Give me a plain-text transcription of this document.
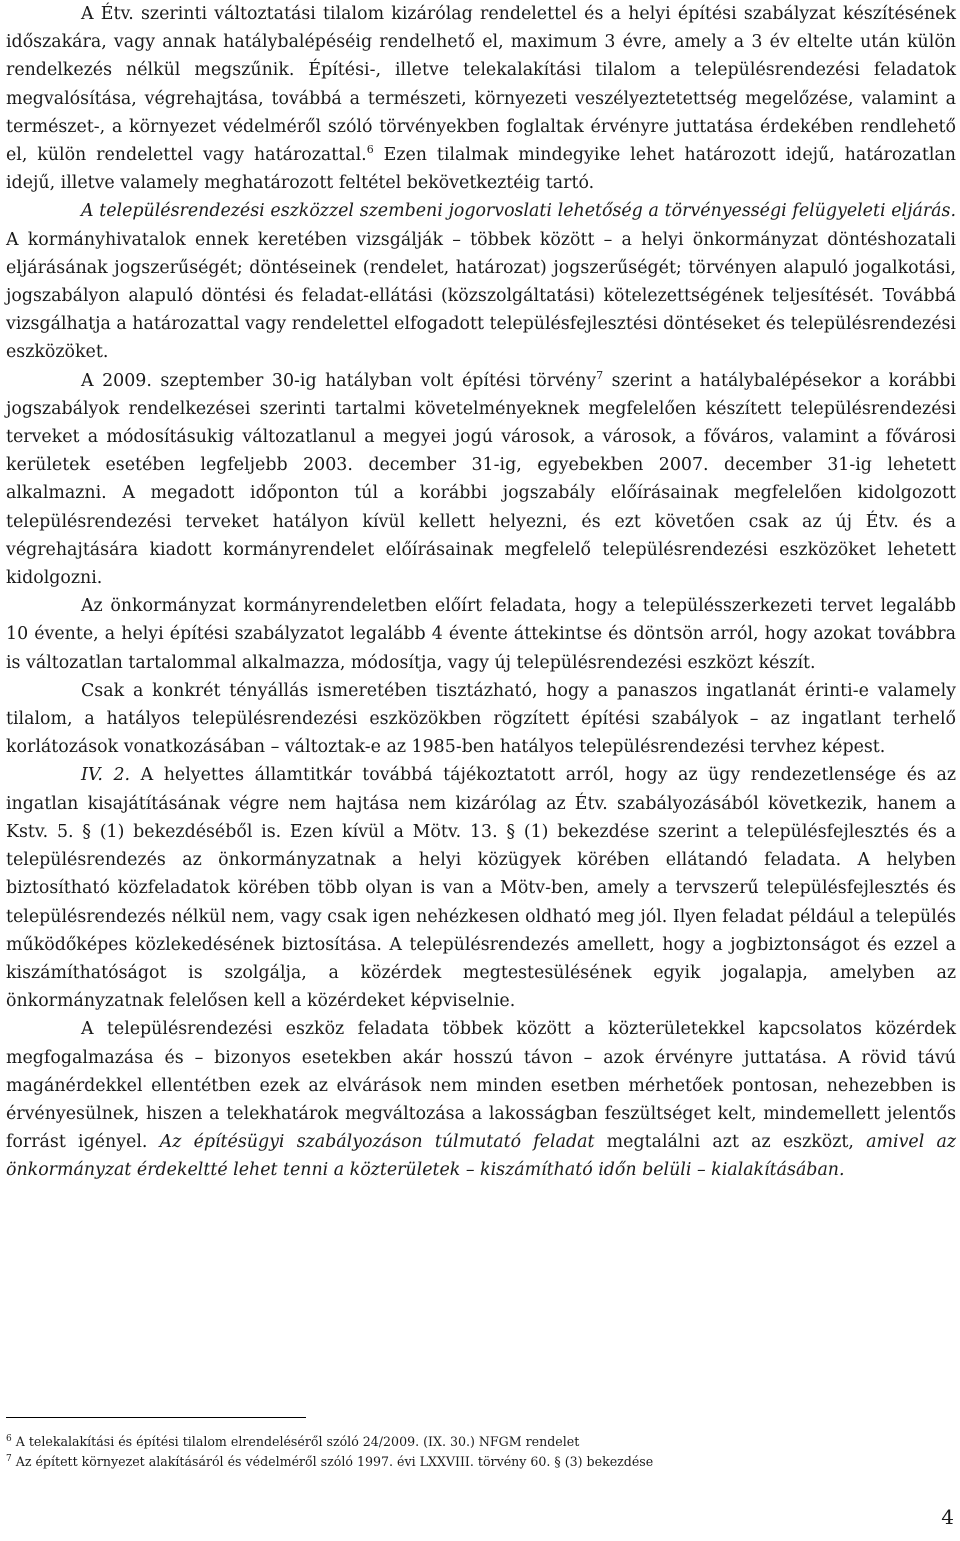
A Étv. szerinti változtatási tilalom kizárólag rendelettel és a helyi építési szabályzat készítésének időszakára, vagy annak hatálybalépéséig rendelhető el, maximum 3 évre, amely a 3 év elteltе után külön rendelkezés nélkül megszűnik. Építési-, illetve telekalakítási tilalom a településrendezési feladatok megvalósítása, végrehajtása, továbbá a természeti, környezeti veszélyeztetettség megelőzése, valamint a természet-, a környezet védelméről szóló törvényekben foglaltak érvényre juttatása érdekében rendlehető el, külön rendelettel vagy határozattal.$^6$ Ezen tilalmak mindegyike lehet határozott idejű, határozatlan idejű, illetve valamely meghatározott feltétel bekövetkeztéig tartó.

A településrendezési eszközzel szembeni jogorvoslati lehetőség a törvényességi felügyeleti eljárás. A kormányhivatalok ennek keretében vizsgálják – többek között – a helyi önkormányzat döntéshozatali eljárásának jogszerűségét; döntéseinek (rendelet, határozat) jogszerűségét; törvényen alapuló jogalkotási, jogszabályon alapuló döntési és feladat-ellátási (közszolgáltatási) kötelezettségének teljesítését. Továbbá vizsgálhatja a határozattal vagy rendelettel elfogadott településfejlesztési döntéseket és településrendezési eszközöket.

A 2009. szeptember 30-ig hatályban volt építési törvény$^7$ szerint a hatálybalépésekor a korábbi jogszabályok rendelkezései szerinti tartalmi követelményeknek megfelelően készített településrendezési terveket a módosításukig változatlanul a megyei jogú városok, a városok, a főváros, valamint a fővárosi kerületek esetében legfeljebb 2003. december 31-ig, egyebekben 2007. december 31-ig lehetett alkalmazni. A megadott időponton túl a korábbi jogszabály előírásainak megfelelően kidolgozott településrendezési terveket hatályon kívül kellett helyezni, és ezt követően csak az új Étv. és a végrehajtására kiadott kormányrendelet előírásainak megfelelő településrendezési eszközöket lehetett kidolgozni.

Az önkormányzat kormányrendeletben előírt feladata, hogy a településszerkezeti tervet legalább 10 évente, a helyi építési szabályzatot legalább 4 évente áttekintse és döntsön arról, hogy azokat továbbra is változatlan tartalommal alkalmazza, módosítja, vagy új településrendezési eszközt készít.

Csak a konkrét tényállás ismeretében tisztázható, hogy a panaszos ingatlanát érinti-e valamely tilalom, a hatályos településrendezési eszközökben rögzített építési szabályok – az ingatlant terhelő korlátozások vonatkozásában – változtak-e az 1985-ben hatályos településrendezési tervhez képest.

IV. 2. A helyettes államtitkár továbbá tájékoztatott arról, hogy az ügy rendezetlensége és az ingatlan kisajátításának végre nem hajtása nem kizárólag az Étv. szabályozásából következik, hanem a Kstv. 5. § (1) bekezdéséből is. Ezen kívül a Mötv. 13. § (1) bekezdése szerint a településfejlesztés és a településrendezés az önkormányzatnak a helyi közügyek körében ellátandó feladata. A helyben biztosítható közfeladatok körében több olyan is van a Mötv-ben, amely a tervszerű településfejlesztés és településrendezés nélkül nem, vagy csak igen nehézkesen oldható meg jól. Ilyen feladat például a település működőképes közlekedésének biztosítása. A településrendezés amellett, hogy a jogbiztonságot és ezzel a kiszámíthatóságot is szolgálja, a közérdek megtestesülésének egyik jogalapja, amelyben az önkormányzatnak felelősen kell a közérdeket képviselnie.

A településrendezési eszköz feladata többek között a közterületekkel kapcsolatos közérdek megfogalmazása és – bizonyos esetekben akár hosszú távon – azok érvényre juttatása. A rövid távú magánérdekkel ellentétben ezek az elvárások nem minden esetben mérhetőek pontosan, nehezebben is érvényesülnek, hiszen a telekhatárok megváltozása a lakosságban feszültséget kelt, mindemellett jelentős forrást igényel. Az építésügyi szabályozáson túlmutató feladat megtalálni azt az eszközt, amivel az önkormányzat érdekeltté lehet tenni a közterületek – kiszámítható időn belüli – kialakításában.

$^6$ A telekalakítási és építési tilalom elrendeléséről szóló 24/2009. (IX. 30.) NFGM rendelet

$^7$ Az épített környezet alakításáról és védelméről szóló 1997. évi LXXVIII. törvény 60. § (3) bekezdése

4
